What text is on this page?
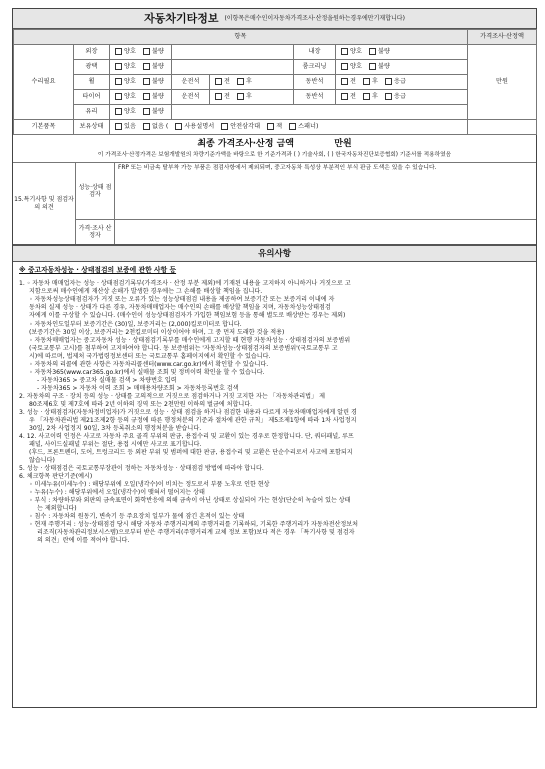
자동차기타정보 (이항목은매수인이자동차가격조사·산정을원하는경우에만기재합니다)
항목							가격조사·산정액
수리필요	외장	양호 불량			내장	양호 불량	만원
	광택	양호 불량			룸크리닝	양호 불량	
	휠	양호 불량	운전석	전 후	동반석	전 후 응급	
	타이어	양호 불량	운전석	전 후	동반석	전 후 응급	
	유리	양호 불량					
기본품목	보유상태	있음 없음 ( 사용설명서 안전삼각대 잭 스패너)					
최종 가격조사·산정 금액	만원
이 가격조사·산정가격은 보험개발원의 차량기준가액을 바탕으로 한 기준가격과 ( ) 기술사회, ( ) 한국자동차진단보증협회) 기준서를 적용하였음
15.특기사항 및 점검자의 의견
성능·상태 점검자
FRP 또는 비금속 탈부착 가능 부품은 점검사항에서 제외되며, 중고자동차 특성상 부분적인 부식 판금 도색은 있을 수 있습니다.
가격·조사 산정자
유의사항
※ 중고자동차성능 · 상태점검의 보증에 관한 사항 등
1. ◦ 자동차 매매업자는 성능 · 상태점검기록부(가격조사 · 산정 부분 제외)에 기재된 내용을 고지하지 아니하거나 거짓으로 고
지함으로써 매수인에게 재산상 손해가 발생한 경우에는 그 손해를 배상할 책임을 집니다.
◦ 자동차성능상태점검자가 거짓 또는 오류가 있는 성능상태점검 내용을 제공하여 보증기간 또는 보증거리 이내에 자
동차의 실제 성능 · 상태가 다른 경우, 자동차매매업자는 매수인의 손해를 배상할 책임을 지며, 자동차성능상태점검
자에게 이를 구상할 수 있습니다. (매수인이 성능상태점검자가 가입한 책임보험 등을 통해 별도로 배상받는 경우는 제외)
◦ 자동차인도일부터 보증기간은 (30)일, 보증거리는 (2,000)킬로미터로 합니다.
(보증기간은 30일 이상, 보증거리는 2천킬로미터 이상이어야 하며, 그 중 먼저 도래한 것을 적용)
◦ 자동차매매업자는 중고자동차 성능 · 상태점검기록부를 매수인에게 고지할 때 현행 자동차성능 · 상태점검자의 보증범위
(국토교통부 고시)를 첨부하여 고지하여야 합니다. 동 보증범위는 '자동차성능·상태점검자의 보증범위'(국토교통부 고
시)에 따르며, 법제처 국가법령정보센터 또는 국토교통부 홈페이지에서 확인할 수 있습니다.
◦ 자동차의 리콜에 관한 사항은 자동차리콜센터(www.car.go.kr)에서 확인할 수 있습니다.
◦ 자동차365(www.car365.go.kr)에서 실매물 조회 및 정비이력 확인을 할 수 있습니다.
- 자동차365 > 중고차 실매물 검색 > 차량번호 입력
- 자동차365 > 자동차 이력 조회 > 매매용차량조회 > 자동차등록번호 검색
2. 자동차의 구조 · 장치 등의 성능 · 상태를 고의적으로 거짓으로 점검하거나 거짓 고지한 자는 「자동차관리법」 제
80조제6호 및 제7호에 따라 2년 이하의 징역 또는 2천만원 이하의 벌금에 처합니다.
3. 성능 · 상태점검자(자동차정비업자)가 거짓으로 성능 · 상태 점검을 하거나 점검한 내용과 다르게 자동차매매업자에게 알린 경
우 「자동차관리법 제21조제2항 등의 규정에 따른 행정처분의 기준과 절차에 관한 규칙」 제5조제1항에 따라 1차 사업정지
30일, 2차 사업정지 90일, 3차 등록취소의 행정처분을 받습니다.
4. 12. 사고이력 인정은 사고로 자동차 주요 골격 부위의 판금, 용접수리 및 교환이 있는 경우로 한정합니다. 단, 쿼터패널, 루프
패널, 사이드실패널 부위는 절단, 용접 시에만 사고로 표기합니다.
(후드, 프론트펜더, 도어, 트렁크리드 등 외판 부위 및 범퍼에 대한 판금, 용접수리 및 교환은 단순수리로서 사고에 포함되지
않습니다)
5. 성능 · 상태점검은 국토교통부장관이 정하는 자동차성능 · 상태점검 방법에 따라야 합니다.
6. 체크항목 판단기준(예시)
◦ 미세누유(미세누수) : 해당부위에 오일(냉각수)이 비치는 정도로서 부품 노후로 인한 현상
◦ 누유(누수) : 해당부위에서 오일(냉각수)이 맺혀서 떨어지는 상태
◦ 부식 : 차량하부와 외판의 금속표면이 화학반응에 의해 금속이 아닌 상태로 상실되어 가는 현상(단순히 녹슬어 있는 상태
는 제외합니다)
◦ 침수 : 자동차의 원동기, 변속기 등 주요장치 일부가 물에 잠긴 흔적이 있는 상태
◦ 현재 주행거리 : 성능·상태점검 당시 해당 자동차 주행거리계의 주행거리를 기록하되, 기록한 주행거리가 자동차전산정보처
리조직(자동차관리정보시스템)으로부터 받은 주행거리(주행거리계 교체 정보 포함)보다 적은 경우 「특기사항 및 점검자
의 의견」란에 이를 적어야 합니다.
